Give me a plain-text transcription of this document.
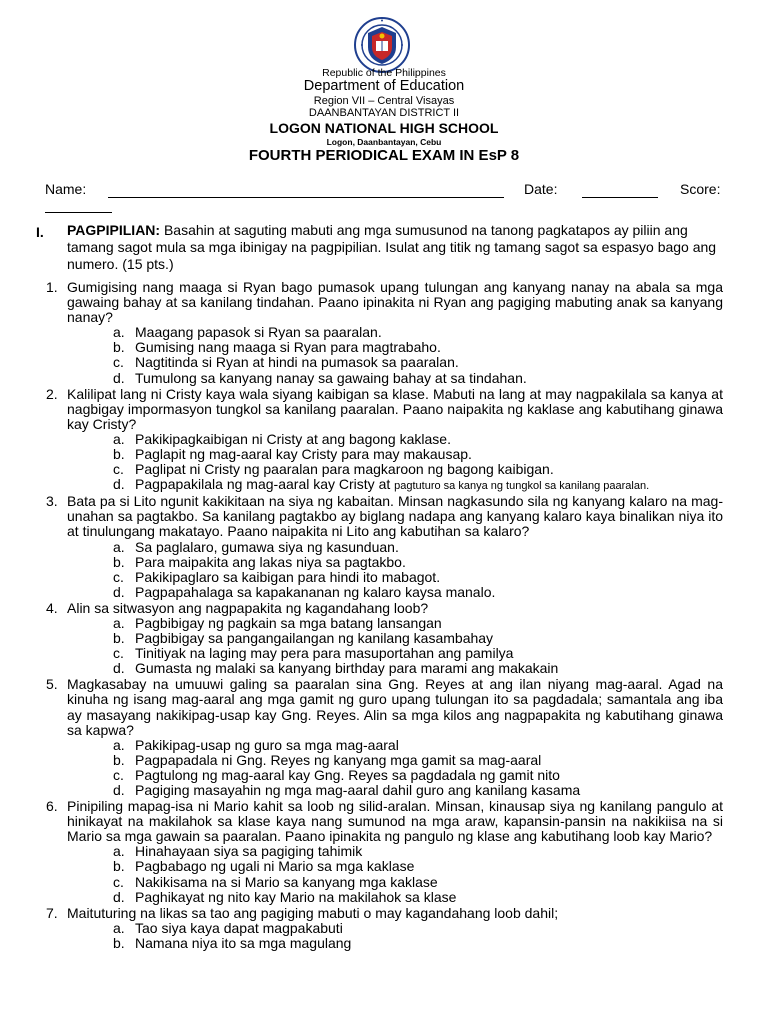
Republic of the Philippines
Department of Education
Region VII – Central Visayas
DAANBANTAYAN DISTRICT II
LOGON NATIONAL HIGH SCHOOL
Logon, Daanbantayan, Cebu
FOURTH PERIODICAL EXAM IN EsP 8
Name:	Date:	Score:
I. PAGPIPILIAN: Basahin at saguting mabuti ang mga sumusunod na tanong pagkatapos ay piliin ang tamang sagot mula sa mga ibinigay na pagpipilian. Isulat ang titik ng tamang sagot sa espasyo bago ang numero. (15 pts.)

1. Gumigising nang maaga si Ryan bago pumasok upang tulungan ang kanyang nanay na abala sa mga gawaing bahay at sa kanilang tindahan. Paano ipinakita ni Ryan ang pagiging mabuting anak sa kanyang nanay?
a. Maagang papasok si Ryan sa paaralan.
b. Gumising nang maaga si Ryan para magtrabaho.
c. Nagtitinda si Ryan at hindi na pumasok sa paaralan.
d. Tumulong sa kanyang nanay sa gawaing bahay at sa tindahan.
2. Kalilipat lang ni Cristy kaya wala siyang kaibigan sa klase. Mabuti na lang at may nagpakilala sa kanya at nagbigay impormasyon tungkol sa kanilang paaralan. Paano naipakita ng kaklase ang kabutihang ginawa kay Cristy?
a. Pakikipagkaibigan ni Cristy at ang bagong kaklase.
b. Paglapit ng mag-aaral kay Cristy para may makausap.
c. Paglipat ni Cristy ng paaralan para magkaroon ng bagong kaibigan.
d. Pagpapakilala ng mag-aaral kay Cristy at pagtuturo sa kanya ng tungkol sa kanilang paaralan.
3. Bata pa si Lito ngunit kakikitaan na siya ng kabaitan. Minsan nagkasundo sila ng kanyang kalaro na mag-unahan sa pagtakbo. Sa kanilang pagtakbo ay biglang nadapa ang kanyang kalaro kaya binalikan niya ito at tinulungang makatayo. Paano naipakita ni Lito ang kabutihan sa kalaro?
a. Sa paglalaro, gumawa siya ng kasunduan.
b. Para maipakita ang lakas niya sa pagtakbo.
c. Pakikipaglaro sa kaibigan para hindi ito mabagot.
d. Pagpapahalaga sa kapakananan ng kalaro kaysa manalo.
4. Alin sa sitwasyon ang nagpapakita ng kagandahang loob?
a. Pagbibigay ng pagkain sa mga batang lansangan
b. Pagbibigay sa pangangailangan ng kanilang kasambahay
c. Tinitiyak na laging may pera para masuportahan ang pamilya
d. Gumasta ng malaki sa kanyang birthday para marami ang makakain
5. Magkasabay na umuuwi galing sa paaralan sina Gng. Reyes at ang ilan niyang mag-aaral. Agad na kinuha ng isang mag-aaral ang mga gamit ng guro upang tulungan ito sa pagdadala; samantala ang iba ay masayang nakikipag-usap kay Gng. Reyes. Alin sa mga kilos ang nagpapakita ng kabutihang ginawa sa kapwa?
a. Pakikipag-usap ng guro sa mga mag-aaral
b. Pagpapadala ni Gng. Reyes ng kanyang mga gamit sa mag-aaral
c. Pagtulong ng mag-aaral kay Gng. Reyes sa pagdadala ng gamit nito
d. Pagiging masayahin ng mga mag-aaral dahil guro ang kanilang kasama
6. Pinipiling mapag-isa ni Mario kahit sa loob ng silid-aralan. Minsan, kinausap siya ng kanilang pangulo at hinikayat na makilahok sa klase kaya nang sumunod na mga araw, kapansin-pansin na nakikiisa na si Mario sa mga gawain sa paaralan. Paano ipinakita ng pangulo ng klase ang kabutihang loob kay Mario?
a. Hinahayaan siya sa pagiging tahimik
b. Pagbabago ng ugali ni Mario sa mga kaklase
c. Nakikisama na si Mario sa kanyang mga kaklase
d. Paghikayat ng nito kay Mario na makilahok sa klase
7. Maituturing na likas sa tao ang pagiging mabuti o may kagandahang loob dahil;
a. Tao siya kaya dapat magpakabuti
b. Namana niya ito sa mga magulang
